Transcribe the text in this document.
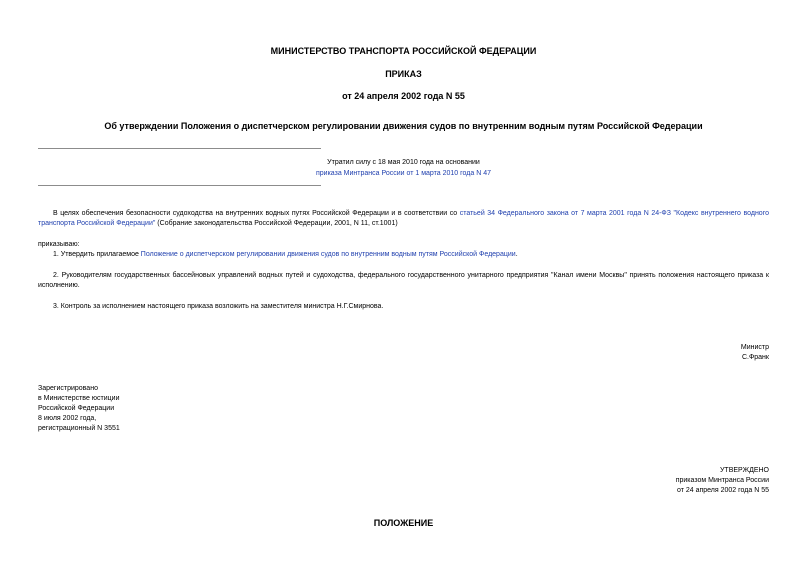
МИНИСТЕРСТВО ТРАНСПОРТА РОССИЙСКОЙ ФЕДЕРАЦИИ
ПРИКАЗ
от 24 апреля 2002 года N 55
Об утверждении Положения о диспетчерском регулировании движения судов по внутренним водным путям Российской Федерации
Утратил силу с 18 мая 2010 года на основании
приказа Минтранса России от 1 марта 2010 года N 47
В целях обеспечения безопасности судоходства на внутренних водных путях Российской Федерации и в соответствии со статьей 34 Федерального закона от 7 марта 2001 года N 24-ФЗ "Кодекс внутреннего водного транспорта Российской Федерации" (Собрание законодательства Российской Федерации, 2001, N 11, ст.1001)
приказываю:
1. Утвердить прилагаемое Положение о диспетчерском регулировании движения судов по внутренним водным путям Российской Федерации.
2. Руководителям государственных бассейновых управлений водных путей и судоходства, федерального государственного унитарного предприятия "Канал имени Москвы" принять положения настоящего приказа к исполнению.
3. Контроль за исполнением настоящего приказа возложить на заместителя министра Н.Г.Смирнова.
Министр
С.Франк
Зарегистрировано
в Министерстве юстиции
Российской Федерации
8 июля 2002 года,
регистрационный N 3551
УТВЕРЖДЕНО
приказом Минтранса России
от 24 апреля 2002 года N 55
ПОЛОЖЕНИЕ
